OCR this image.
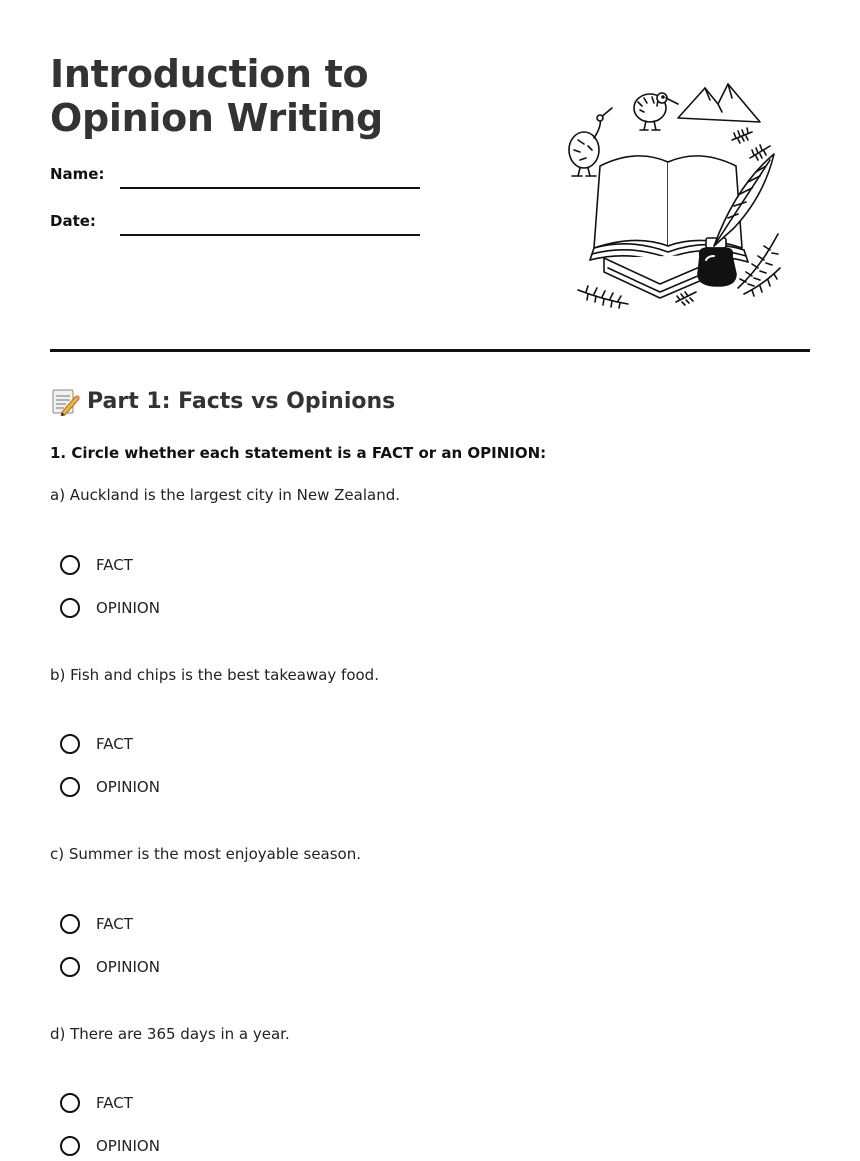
Introduction to Opinion Writing
Name:
Date:
Part 1: Facts vs Opinions
1. Circle whether each statement is a FACT or an OPINION:
a) Auckland is the largest city in New Zealand.
FACT
OPINION
b) Fish and chips is the best takeaway food.
FACT
OPINION
c) Summer is the most enjoyable season.
FACT
OPINION
d) There are 365 days in a year.
FACT
OPINION
